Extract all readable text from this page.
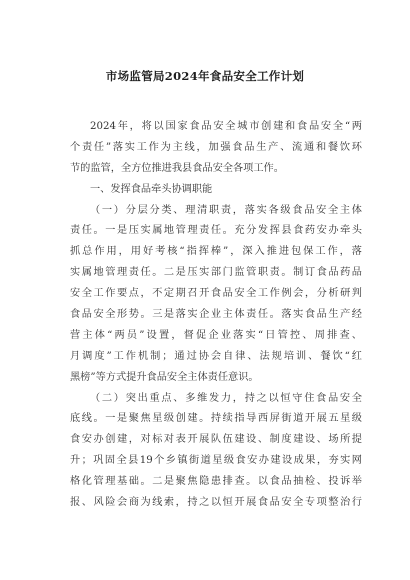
市场监管局2024年食品安全工作计划
2024年，将以国家食品安全城市创建和食品安全“两
个责任”落实工作为主线，加强食品生产、流通和餐饮环
节的监管，全方位推进我县食品安全各项工作。
一、发挥食品牵头协调职能
（一）分层分类、理清职责，落实各级食品安全主体
责任。一是压实属地管理责任。充分发挥县食药安办牵头
抓总作用，用好考核“指挥棒”，深入推进包保工作，落
实属地管理责任。二是压实部门监管职责。制订食品药品
安全工作要点，不定期召开食品安全工作例会，分析研判
食品安全形势。三是落实企业主体责任。落实食品生产经
营主体“两员”设置，督促企业落实“日管控、周排查、
月调度”工作机制；通过协会自律、法规培训、餐饮“红
黑榜”等方式提升食品安全主体责任意识。
（二）突出重点、多维发力，持之以恒守住食品安全
底线。一是聚焦星级创建。持续指导西屏街道开展五星级
食安办创建，对标对表开展队伍建设、制度建设、场所提
升；巩固全县19个乡镇街道星级食安办建设成果，夯实网
格化管理基础。二是聚焦隐患排查。以食品抽检、投诉举
报、风险会商为线索，持之以恒开展食品安全专项整治行
